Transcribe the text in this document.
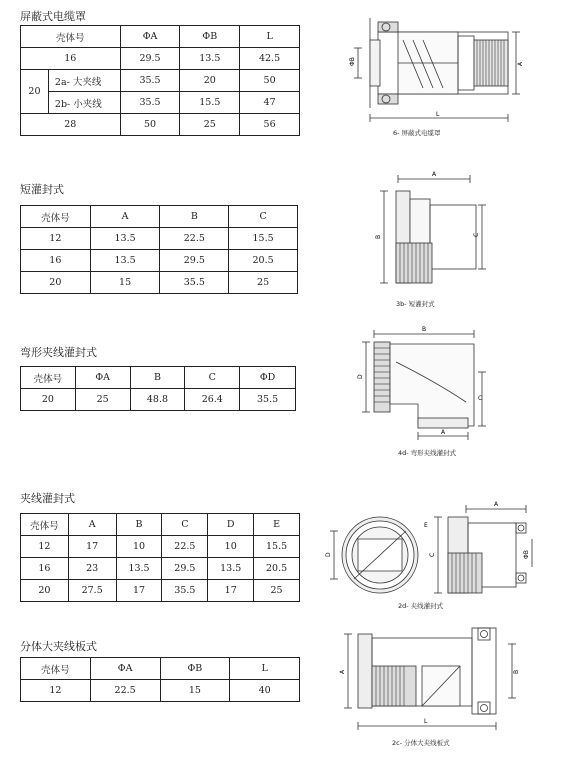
屏蔽式电缆罩
壳体号		ΦA	ΦB	L
16		29.5	13.5	42.5
20	2a- 大夹线	35.5	20	50
	2b- 小夹线	35.5	15.5	47
28		50	25	56
ΦB	A
L
6- 屏蔽式电缆罩
短灌封式
壳体号	A	B	C
12	13.5	22.5	15.5
16	13.5	29.5	20.5
20	15	35.5	25
A
B	C
3b- 短灌封式
弯形夹线灌封式
壳体号	ΦA	B	C	ΦD
20	25	48.8	26.4	35.5
B
D
C
A
4d- 弯形夹线灌封式
夹线灌封式
壳体号	A	B	C	D	E
12	17	10	22.5	10	15.5
16	23	13.5	29.5	13.5	20.5
20	27.5	17	35.5	17	25
A
D
E
C	ΦB
2d- 夹线灌封式
分体大夹线板式
壳体号	ΦA	ΦB	L
12	22.5	15	40
A	B
L
2c- 分体大夹线板式
